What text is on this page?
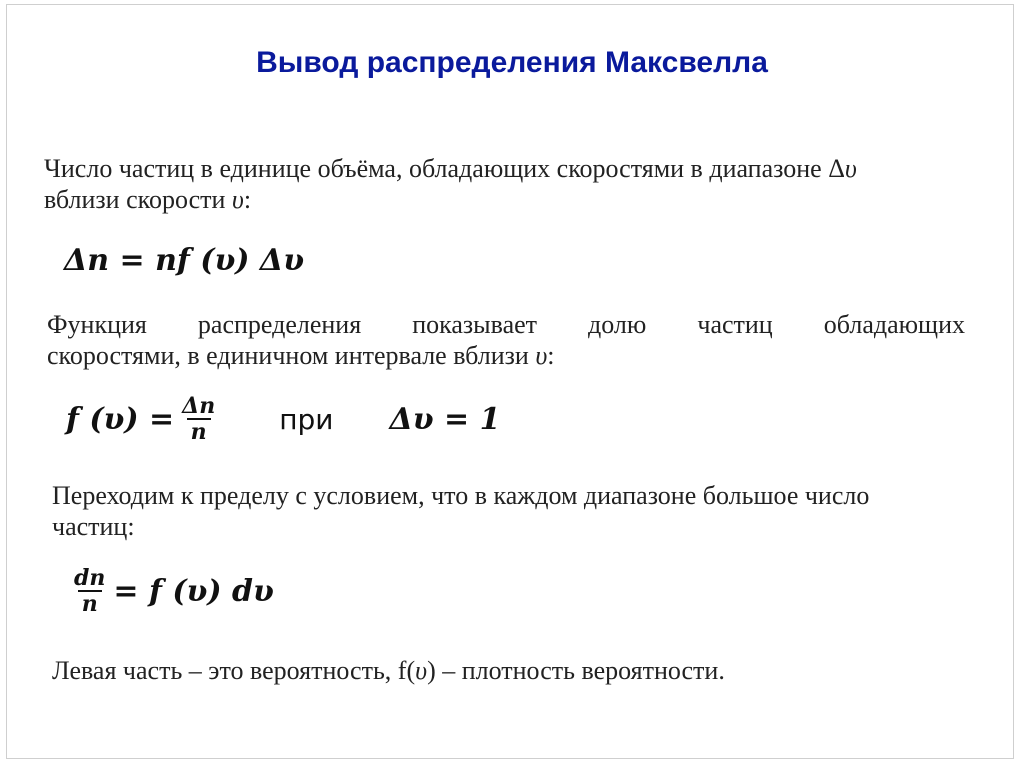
Вывод распределения Максвелла
Число частиц в единице объёма, обладающих скоростями в диапазоне Δυ
вблизи скорости υ:
Δn = nf (υ) Δυ
Функция распределения показывает долю частиц обладающих
скоростями, в единичном интервале вблизи υ:
f $(\upsilon) = \frac{\Delta n}{n}$ при Δυ = 1
Переходим к пределу с условием, что в каждом диапазоне большое число
частиц:
$\frac{dn}{n} = f$ (υ) dυ
Левая часть – это вероятность, f(υ) – плотность вероятности.
